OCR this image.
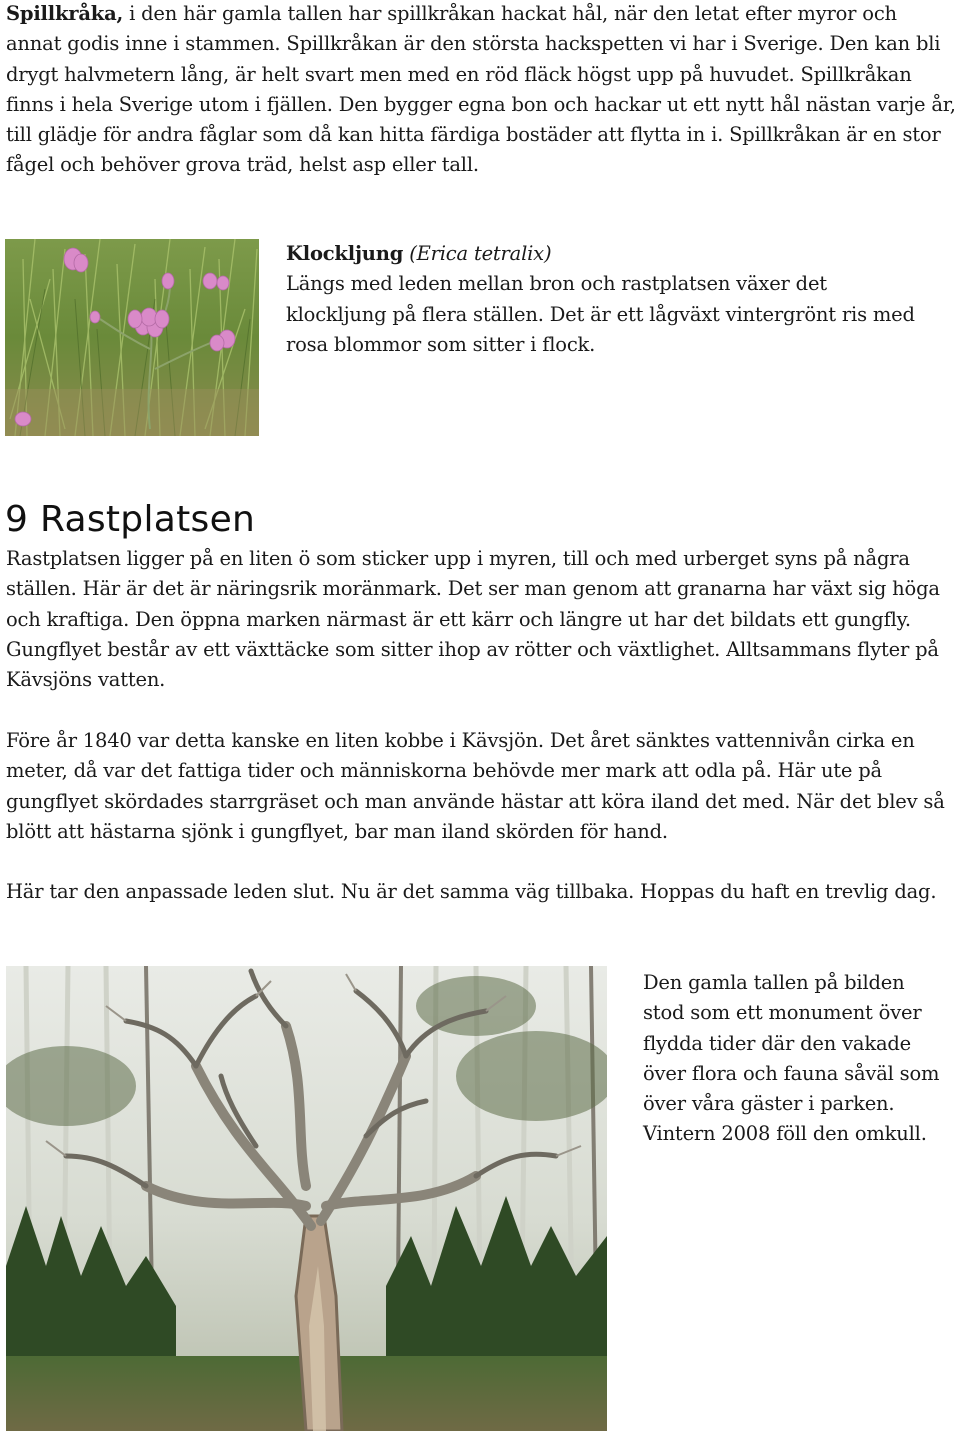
Spillkråka, i den här gamla tallen har spillkråkan hackat hål, när den letat efter myror och annat godis inne i stammen. Spillkråkan är den största hackspetten vi har i Sverige. Den kan bli drygt halvmetern lång, är helt svart men med en röd fläck högst upp på huvudet. Spillkråkan finns i hela Sverige utom i fjällen. Den bygger egna bon och hackar ut ett nytt hål nästan varje år, till glädje för andra fåglar som då kan hitta färdiga bostäder att flytta in i. Spillkråkan är en stor fågel och behöver grova träd, helst asp eller tall.

Klockljung (Erica tetralix)

Längs med leden mellan bron och rastplatsen växer det klockljung på flera ställen. Det är ett lågväxt vintergrönt ris med rosa blommor som sitter i flock.

9 Rastplatsen

Rastplatsen ligger på en liten ö som sticker upp i myren, till och med urberget syns på några ställen. Här är det är näringsrik moränmark. Det ser man genom att granarna har växt sig höga och kraftiga. Den öppna marken närmast är ett kärr och längre ut har det bildats ett gungfly. Gungflyet består av ett växttäcke som sitter ihop av rötter och växtlighet. Alltsammans flyter på Kävsjöns vatten.

Före år 1840 var detta kanske en liten kobbe i Kävsjön. Det året sänktes vattennivån cirka en meter, då var det fattiga tider och människorna behövde mer mark att odla på. Här ute på gungflyet skördades starrgräset och man använde hästar att köra iland det med. När det blev så blött att hästarna sjönk i gungflyet, bar man iland skörden för hand.

Här tar den anpassade leden slut. Nu är det samma väg tillbaka. Hoppas du haft en trevlig dag.

Den gamla tallen på bilden stod som ett monument över flydda tider där den vakade över flora och fauna såväl som över våra gäster i parken. Vintern 2008 föll den omkull.
